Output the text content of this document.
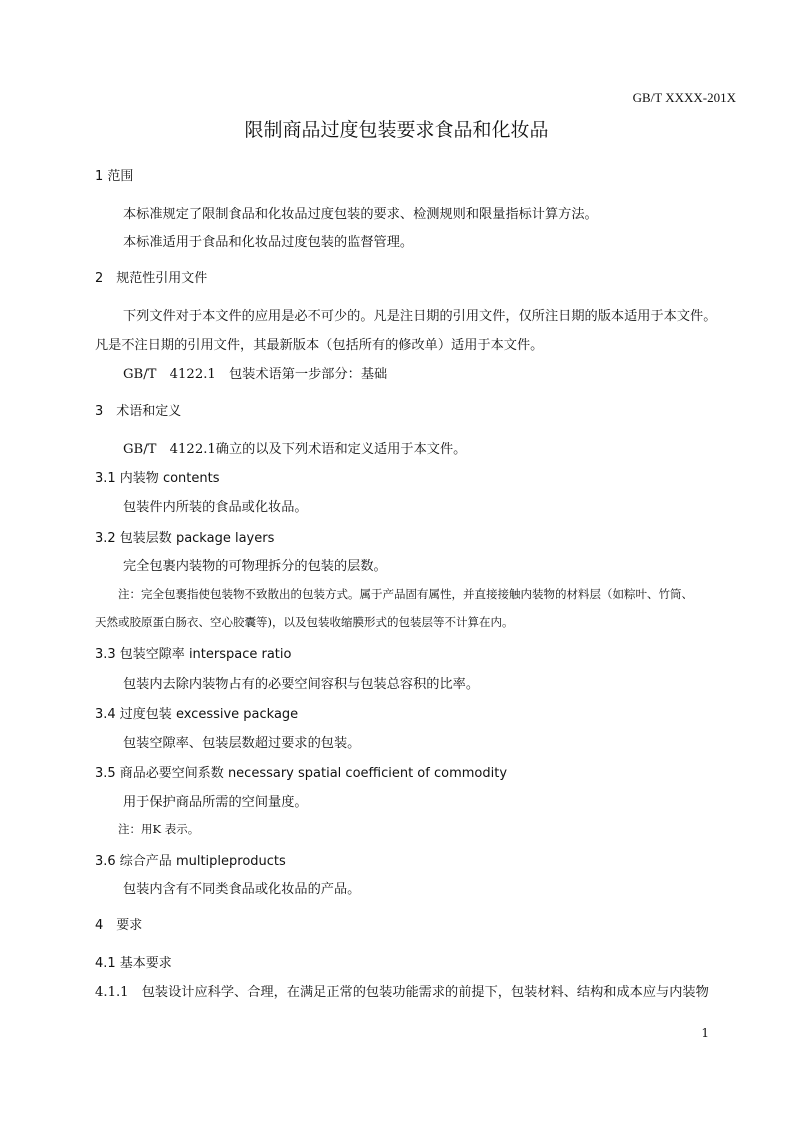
GB/T XXXX-201X
限制商品过度包装要求食品和化妆品
1 范围
本标准规定了限制食品和化妆品过度包装的要求、检测规则和限量指标计算方法。
本标准适用于食品和化妆品过度包装的监督管理。
2　规范性引用文件
下列文件对于本文件的应用是必不可少的。凡是注日期的引用文件，仅所注日期的版本适用于本文件。
凡是不注日期的引用文件，其最新版本（包括所有的修改单）适用于本文件。
GB/T　4122.1　包装术语第一步部分：基础
3　术语和定义
GB/T　4122.1确立的以及下列术语和定义适用于本文件。
3.1 内装物 contents
包装件内所装的食品或化妆品。
3.2 包装层数 package layers
完全包裹内装物的可物理拆分的包装的层数。
注：完全包裹指使包装物不致散出的包装方式。属于产品固有属性，并直接接触内装物的材料层（如粽叶、竹筒、
天然或胶原蛋白肠衣、空心胶囊等)，以及包装收缩膜形式的包装层等不计算在内。
3.3 包装空隙率 interspace ratio
包装内去除内装物占有的必要空间容积与包装总容积的比率。
3.4 过度包装 excessive package
包装空隙率、包装层数超过要求的包装。
3.5 商品必要空间系数 necessary spatial coefficient of commodity
用于保护商品所需的空间量度。
注：用K 表示。
3.6 综合产品 multipleproducts
包装内含有不同类食品或化妆品的产品。
4　要求
4.1 基本要求
4.1.1　包装设计应科学、合理，在满足正常的包装功能需求的前提下，包装材料、结构和成本应与内装物
1
